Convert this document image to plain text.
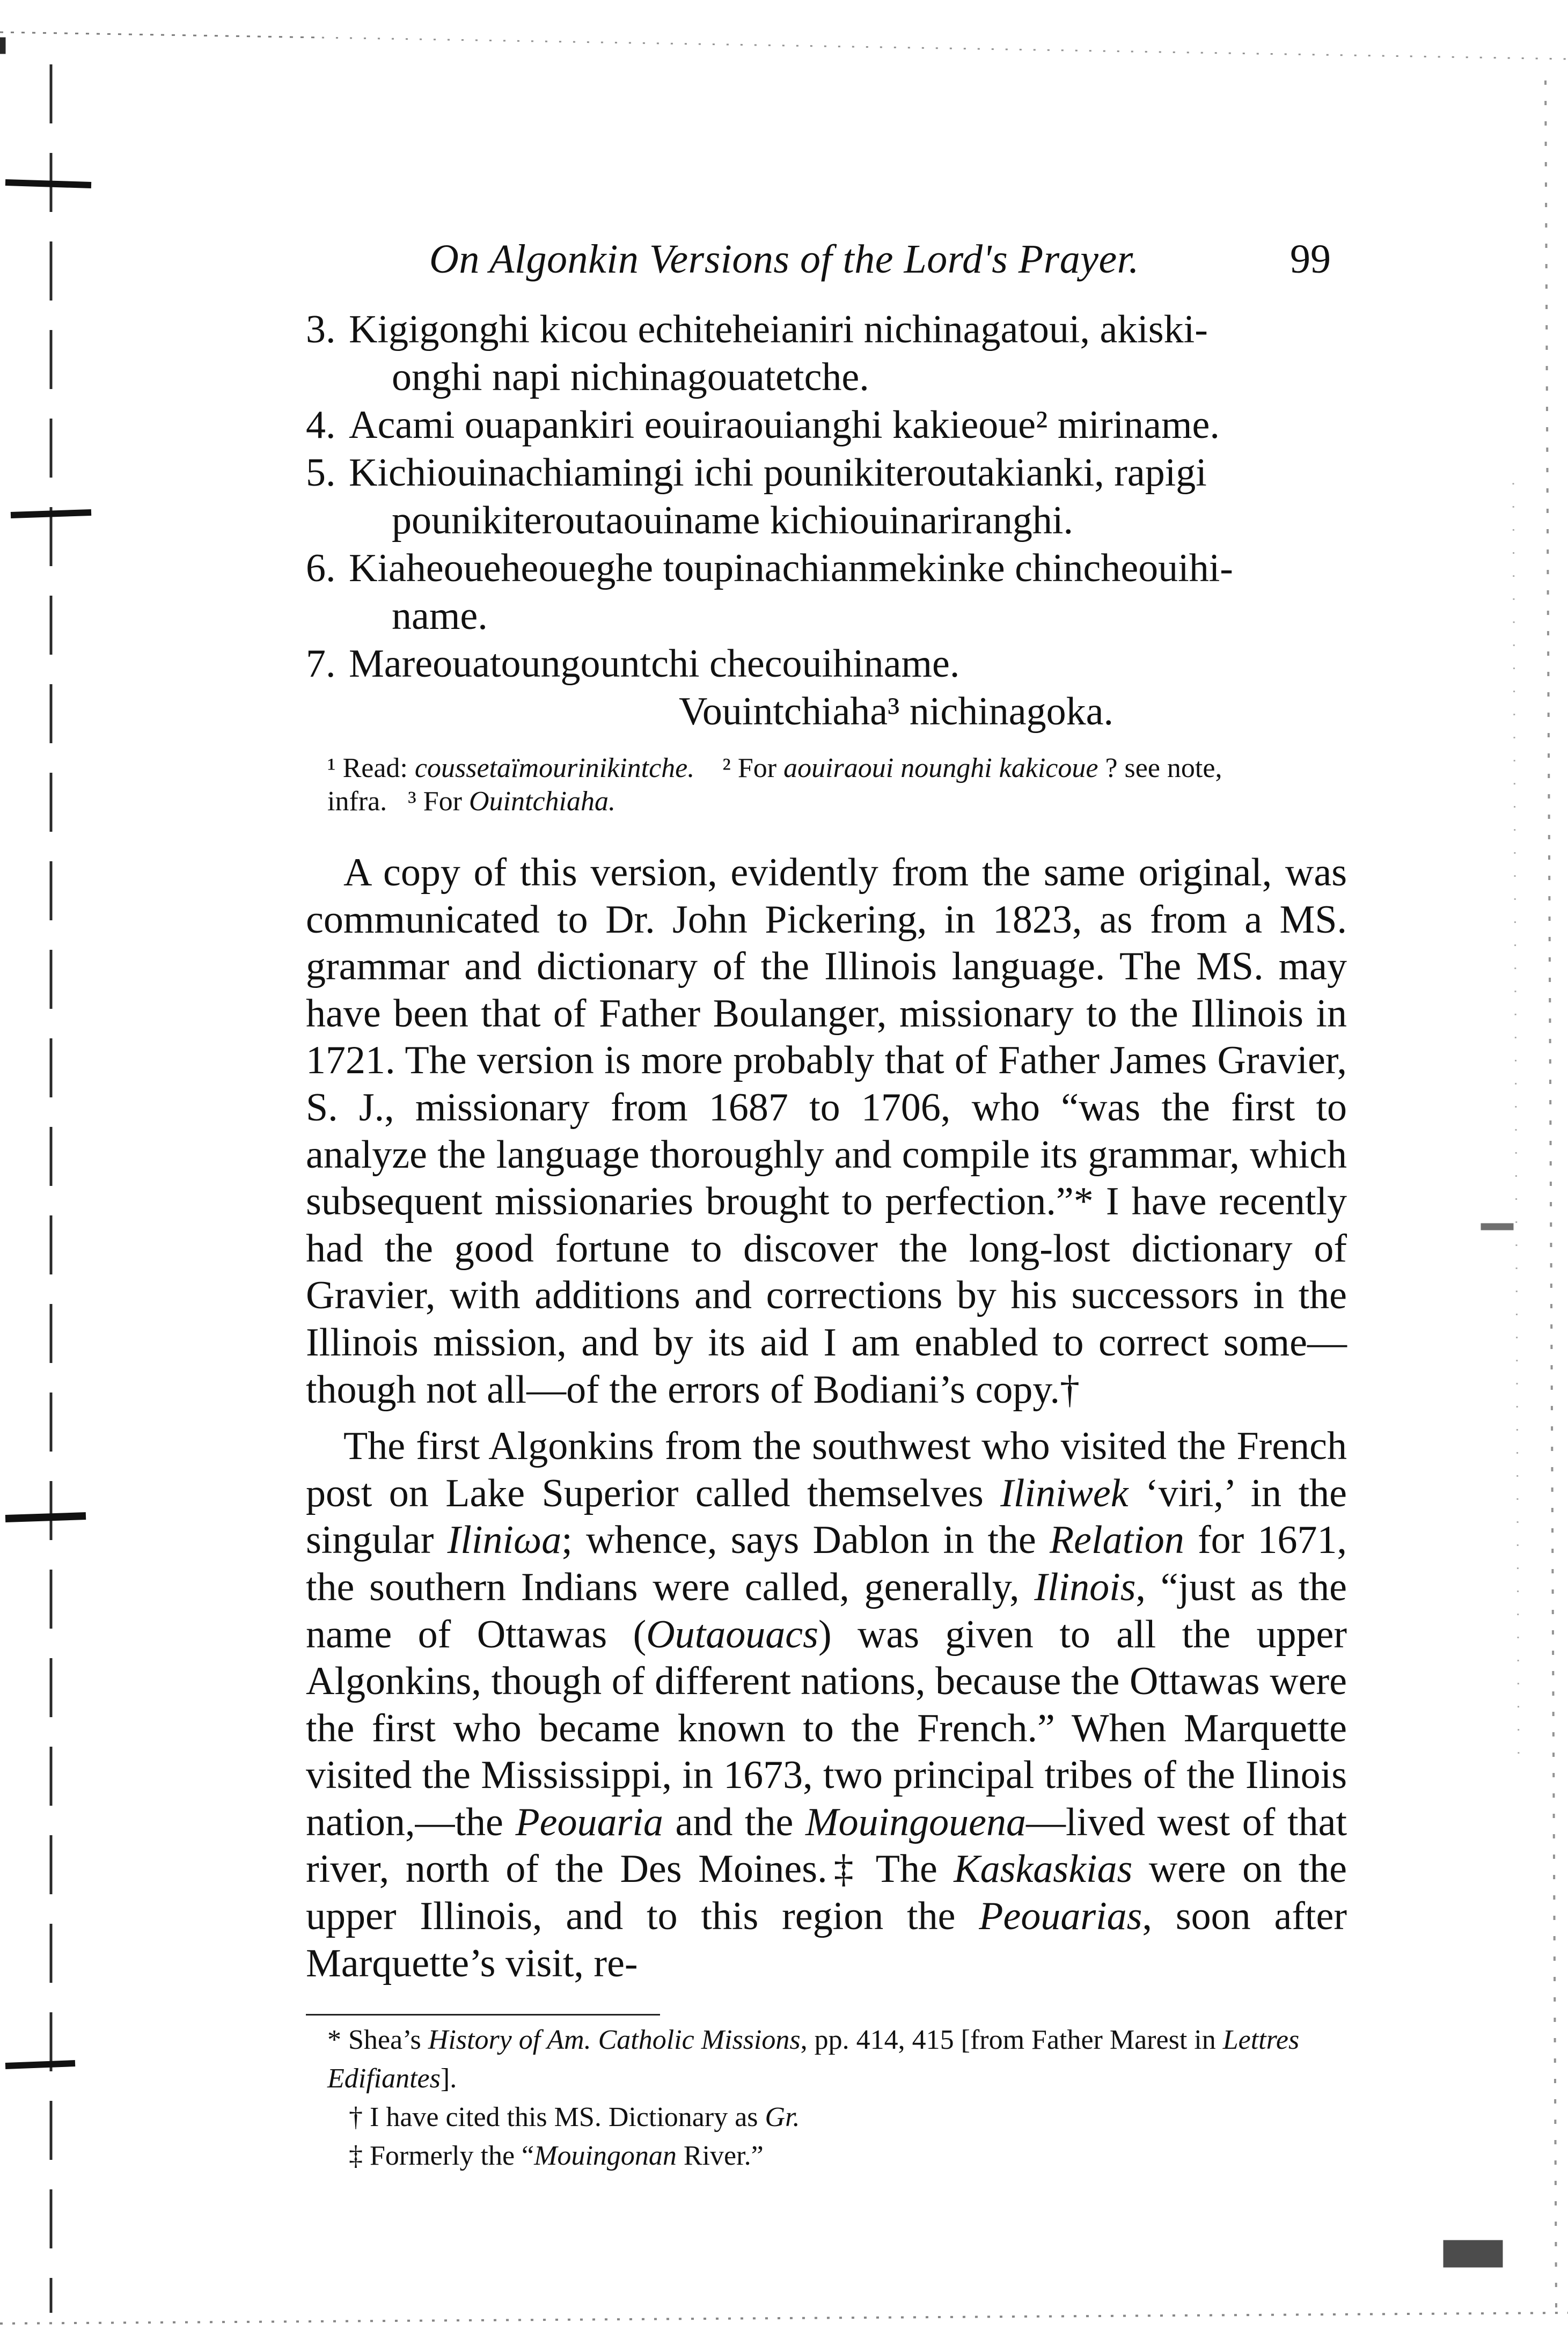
On Algonkin Versions of the Lord's Prayer.	99
3. Kigigonghi kicou echiteheianiri nichinagatoui, akiski-
onghi napi nichinagouatetche.
4. Acami ouapankiri eouiraouianghi kakieoue² miriname.
5. Kichiouinachiamingi ichi pounikiteroutakianki, rapigi
pounikiteroutaouiname kichiouinariranghi.
6. Kiaheoueheoueghe toupinachianmekinke chincheouihi-
name.
7. Mareouatoungountchi checouihiname.
Vouintchiaha³ nichinagoka.
¹ Read: coussetaïmourinikintche. ² For aouiraoui nounghi kakicoue ? see note,
infra. ³ For Ouintchiaha.

A copy of this version, evidently from the same original, was communicated to Dr. John Pickering, in 1823, as from a MS. grammar and dictionary of the Illinois language. The MS. may have been that of Father Boulanger, missionary to the Illinois in 1721. The version is more probably that of Father James Gravier, S. J., missionary from 1687 to 1706, who “was the first to analyze the language thoroughly and compile its grammar, which subsequent missionaries brought to perfection.”* I have recently had the good fortune to discover the long-lost dictionary of Gravier, with additions and corrections by his successors in the Illinois mission, and by its aid I am enabled to correct some—though not all—of the errors of Bodiani’s copy.†

The first Algonkins from the southwest who visited the French post on Lake Superior called themselves Iliniwek ‘viri,’ in the singular Iliniωa; whence, says Dablon in the Relation for 1671, the southern Indians were called, generally, Ilinois, “just as the name of Ottawas (Outaouacs) was given to all the upper Algonkins, though of different nations, because the Ottawas were the first who became known to the French.” When Marquette visited the Mississippi, in 1673, two principal tribes of the Ilinois nation,—the Peouaria and the Mouingouena—lived west of that river, north of the Des Moines.‡ The Kaskaskias were on the upper Illinois, and to this region the Peouarias, soon after Marquette’s visit, re-

* Shea’s History of Am. Catholic Missions, pp. 414, 415 [from Father Marest in Lettres Edifiantes].
† I have cited this MS. Dictionary as Gr.
‡ Formerly the “Mouingonan River.”
